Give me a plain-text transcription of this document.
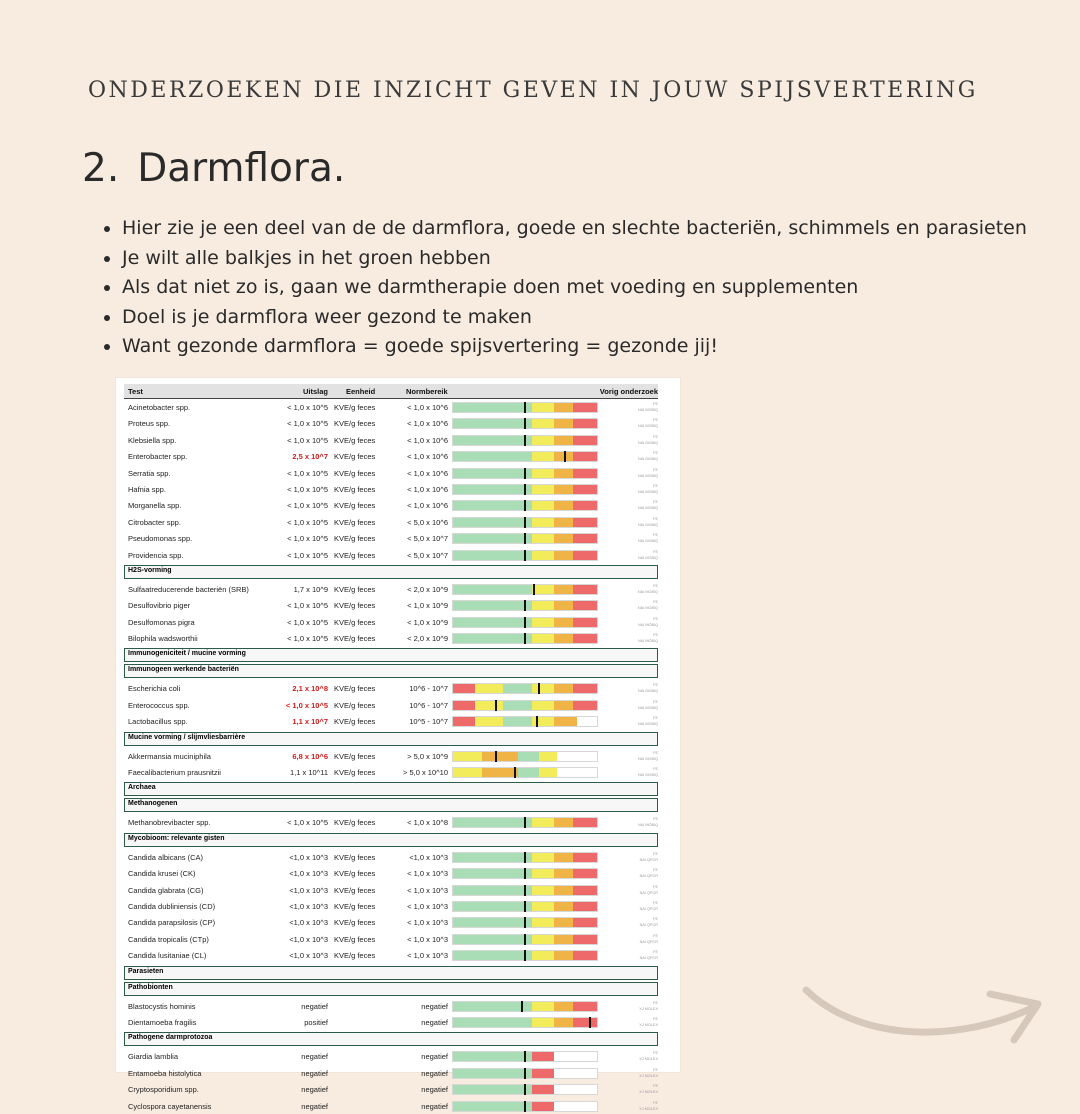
ONDERZOEKEN DIE INZICHT GEVEN IN JOUW SPIJSVERTERING
2. Darmflora.
Hier zie je een deel van de de darmflora, goede en slechte bacteriën, schimmels en parasieten
Je wilt alle balkjes in het groen hebben
Als dat niet zo is, gaan we darmtherapie doen met voeding en supplementen
Doel is je darmflora weer gezond te maken
Want gezonde darmflora = goede spijsvertering = gezonde jij!
Test	Uitslag Eenheid	Normbereik	Vorig onderzoek
Acinetobacter spp.	< 1,0 x 10^5 KVE/g feces	< 1,0 x 10^6	FE
NAI MOBIQ
Proteus spp.	< 1,0 x 10^5 KVE/g feces	< 1,0 x 10^6	FE
NAI MOBIQ
Klebsiella spp.	< 1,0 x 10^5 KVE/g feces	< 1,0 x 10^6	FE
NAI MOBIQ
Enterobacter spp.	2,5 x 10^7 KVE/g feces	< 1,0 x 10^6	FE
NAI MOBIQ
Serratia spp.	< 1,0 x 10^5 KVE/g feces	< 1,0 x 10^6	FE
NAI MOBIQ
Hafnia spp.	< 1,0 x 10^5 KVE/g feces	< 1,0 x 10^6	FE
NAI MOBIQ
Morganella spp.	< 1,0 x 10^5 KVE/g feces	< 1,0 x 10^6	FE
NAI MOBIQ
Citrobacter spp.	< 1,0 x 10^5 KVE/g feces	< 5,0 x 10^6	FE
NAI MOBIQ
Pseudomonas spp.	< 1,0 x 10^5 KVE/g feces	< 5,0 x 10^7	FE
NAI MOBIQ
Providencia spp.	< 1,0 x 10^5 KVE/g feces	< 5,0 x 10^7	FE
NAI MOBIQ
H2S-vorming
Sulfaatreducerende bacteriën (SRB)	1,7 x 10^9 KVE/g feces	< 2,0 x 10^9	FE
NAI MOBIQ
Desulfovibrio piger	< 1,0 x 10^5 KVE/g feces	< 1,0 x 10^9	FE
NAI MOBIQ
Desulfomonas pigra	< 1,0 x 10^5 KVE/g feces	< 1,0 x 10^9	FE
NAI MOBIQ
Bilophila wadsworthii	< 1,0 x 10^5 KVE/g feces	< 2,0 x 10^9	FE
NAI MOBIQ
Immunogeniciteit / mucine vorming
Immunogeen werkende bacteriën
Escherichia coli	2,1 x 10^8 KVE/g feces	10^6 - 10^7	FE
NAI MOBIQ
Enterococcus spp.	< 1,0 x 10^5 KVE/g feces	10^6 - 10^7	FE
NAI MOBIQ
Lactobacillus spp.	1,1 x 10^7 KVE/g feces	10^5 - 10^7	FE
NAI MOBIQ
Mucine vorming / slijmvliesbarrière
Akkermansia muciniphila	6,8 x 10^6 KVE/g feces	> 5,0 x 10^9	FE
NAI MOBIQ
Faecalibacterium prausnitzii	1,1 x 10^11 KVE/g feces	> 5,0 x 10^10	FE
NAI MOBIQ
Archaea
Methanogenen
Methanobrevibacter spp.	< 1,0 x 10^5 KVE/g feces	< 1,0 x 10^8	FE
NAI MOBIQ
Mycobioom: relevante gisten
Candida albicans (CA)	<1,0 x 10^3 KVE/g feces	<1,0 x 10^3	FE
NAI QPCR
Candida krusei (CK)	<1,0 x 10^3 KVE/g feces	< 1,0 x 10^3	FE
NAI QPCR
Candida glabrata (CG)	<1,0 x 10^3 KVE/g feces	< 1,0 x 10^3	FE
NAI QPCR
Candida dubliniensis (CD)	<1,0 x 10^3 KVE/g feces	< 1,0 x 10^3	FE
NAI QPCR
Candida parapsilosis (CP)	<1,0 x 10^3 KVE/g feces	< 1,0 x 10^3	FE
NAI QPCR
Candida tropicalis (CTp)	<1,0 x 10^3 KVE/g feces	< 1,0 x 10^3	FE
NAI QPCR
Candida lusitaniae (CL)	<1,0 x 10^3 KVE/g feces	< 1,0 x 10^3	FE
NAI QPCR
Parasieten
Pathobionten
Blastocystis hominis	negatief	negatief	FE
XJ MOLEX
Dientamoeba fragilis	positief	negatief	FE
XJ MOLEX
Pathogene darmprotozoa
Giardia lamblia	negatief	negatief	FE
XJ MOLEX
Entamoeba histolytica	negatief	negatief	FE
XJ MOLEX
Cryptosporidium spp.	negatief	negatief	FE
XJ MOLEX
Cyclospora cayetanensis	negatief	negatief	FE
XJ MOLEX
